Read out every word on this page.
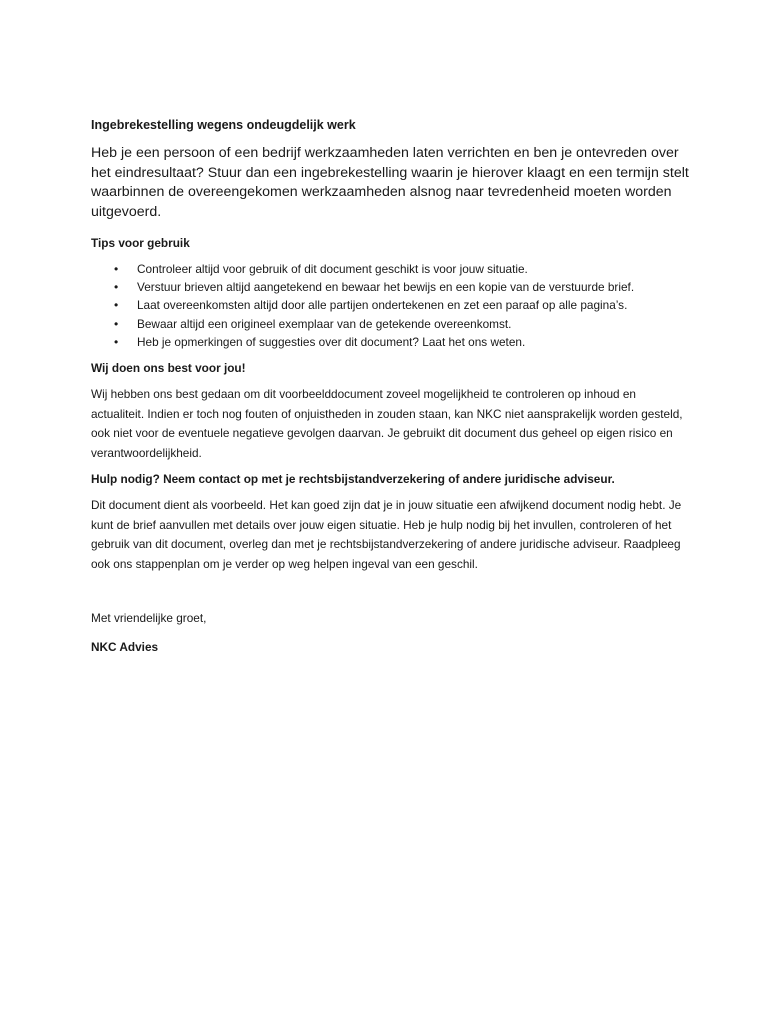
Ingebrekestelling wegens ondeugdelijk werk

Heb je een persoon of een bedrijf werkzaamheden laten verrichten en ben je ontevreden over het eindresultaat? Stuur dan een ingebrekestelling waarin je hierover klaagt en een termijn stelt waarbinnen de overeengekomen werkzaamheden alsnog naar tevredenheid moeten worden uitgevoerd.

Tips voor gebruik

• Controleer altijd voor gebruik of dit document geschikt is voor jouw situatie.
• Verstuur brieven altijd aangetekend en bewaar het bewijs en een kopie van de verstuurde brief.
• Laat overeenkomsten altijd door alle partijen ondertekenen en zet een paraaf op alle pagina’s.
• Bewaar altijd een origineel exemplaar van de getekende overeenkomst.
• Heb je opmerkingen of suggesties over dit document? Laat het ons weten.

Wij doen ons best voor jou!

Wij hebben ons best gedaan om dit voorbeelddocument zoveel mogelijkheid te controleren op inhoud en actualiteit. Indien er toch nog fouten of onjuistheden in zouden staan, kan NKC niet aansprakelijk worden gesteld, ook niet voor de eventuele negatieve gevolgen daarvan. Je gebruikt dit document dus geheel op eigen risico en verantwoordelijkheid.

Hulp nodig? Neem contact op met je rechtsbijstandverzekering of andere juridische adviseur.

Dit document dient als voorbeeld. Het kan goed zijn dat je in jouw situatie een afwijkend document nodig hebt. Je kunt de brief aanvullen met details over jouw eigen situatie. Heb je hulp nodig bij het invullen, controleren of het gebruik van dit document, overleg dan met je rechtsbijstandverzekering of andere juridische adviseur. Raadpleeg ook ons stappenplan om je verder op weg helpen ingeval van een geschil.

Met vriendelijke groet,

NKC Advies
